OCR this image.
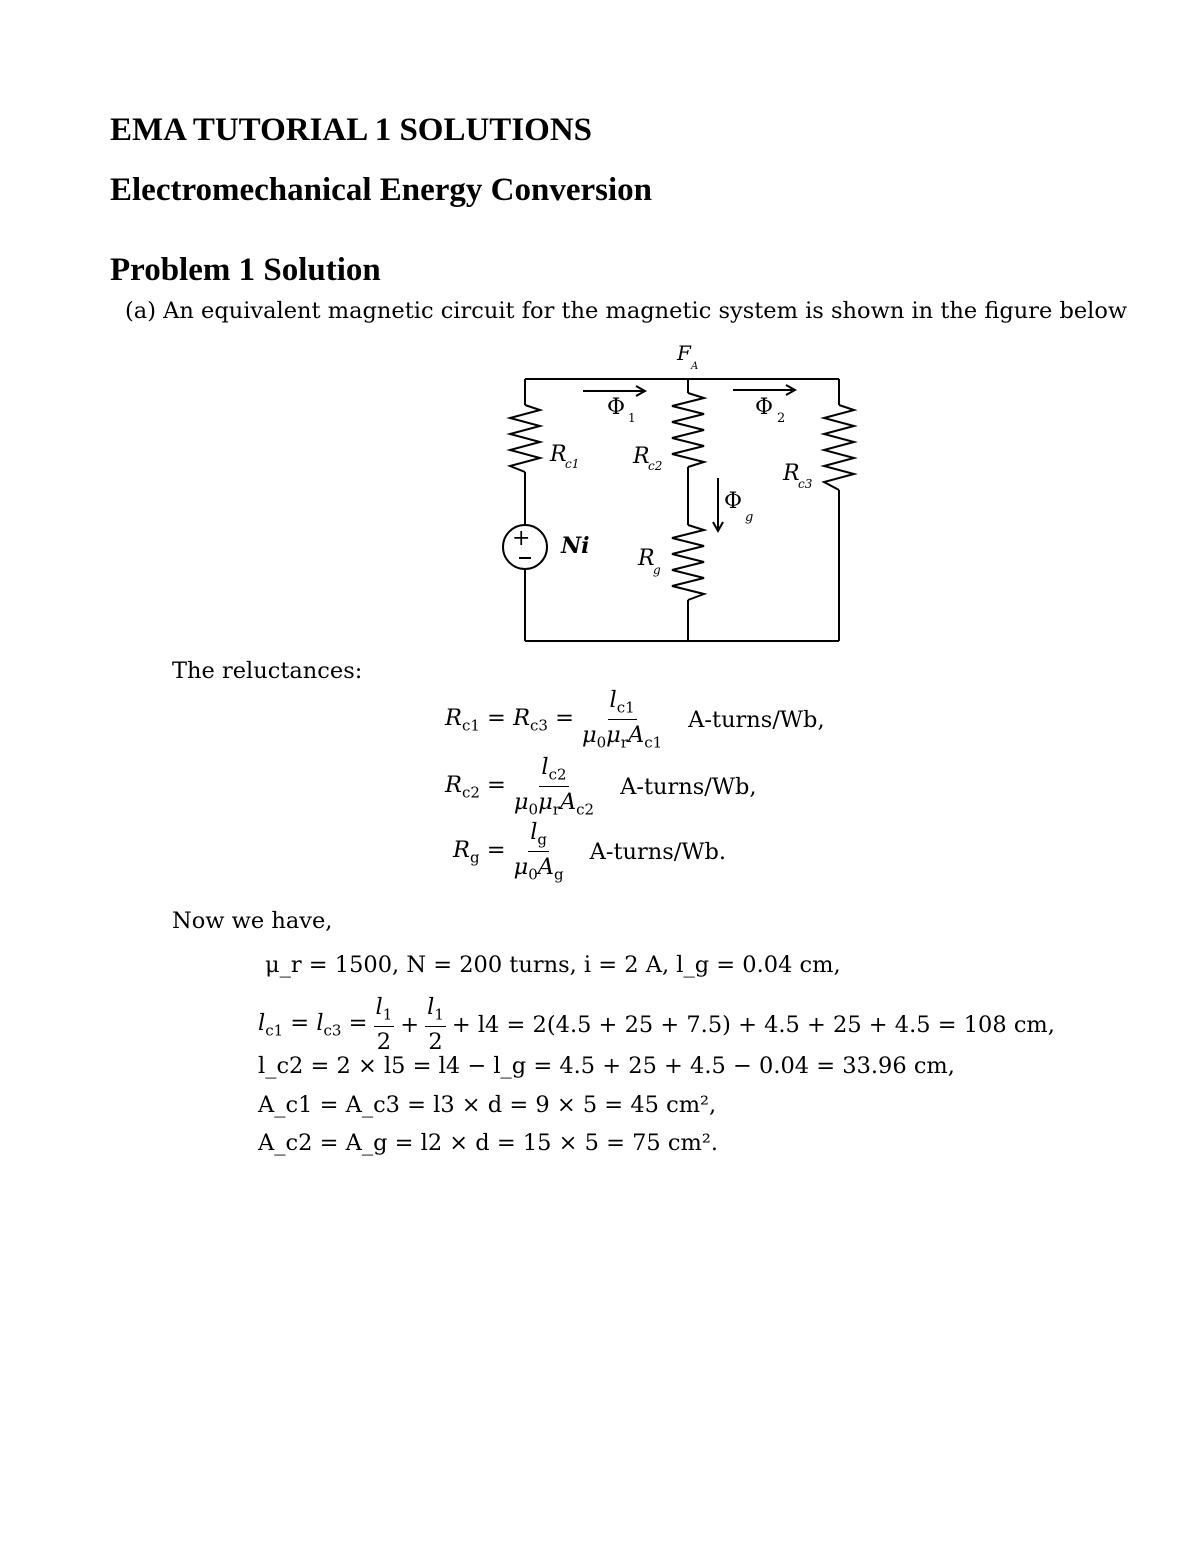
EMA TUTORIAL 1 SOLUTIONS
Electromechanical Energy Conversion
Problem 1 Solution
(a) An equivalent magnetic circuit for the magnetic system is shown in the figure below
+
F
A
Φ 1	Φ 2
Φ
g
R
c1 R
c2	R
c3
R
g
Ni
The reluctances:
$R_{c1} = R_{c3} = \frac{l_{c1}}{\mu_0\mu_rA_{c1}}$ A-turns/Wb,
$R_{c2} = \frac{l_{c2}}{\mu_0\mu_rA_{c2}}$ A-turns/Wb,
$R_g = \frac{l_g}{\mu_0A_g}$ A-turns/Wb.
Now we have,
μ_r = 1500, N = 200 turns, i = 2 A, l_g = 0.04 cm,
$l_{c1} = l_{c3} = \frac{l_1}{2} + \frac{l_1}{2} + l4 = 2(4.5 + 25 + 7.5) + 4.5 + 25 + 4.5 = 108$ cm,
l_c2 = 2 × l5 = l4 − l_g = 4.5 + 25 + 4.5 − 0.04 = 33.96 cm,
A_c1 = A_c3 = l3 × d = 9 × 5 = 45 cm²,
A_c2 = A_g = l2 × d = 15 × 5 = 75 cm².
